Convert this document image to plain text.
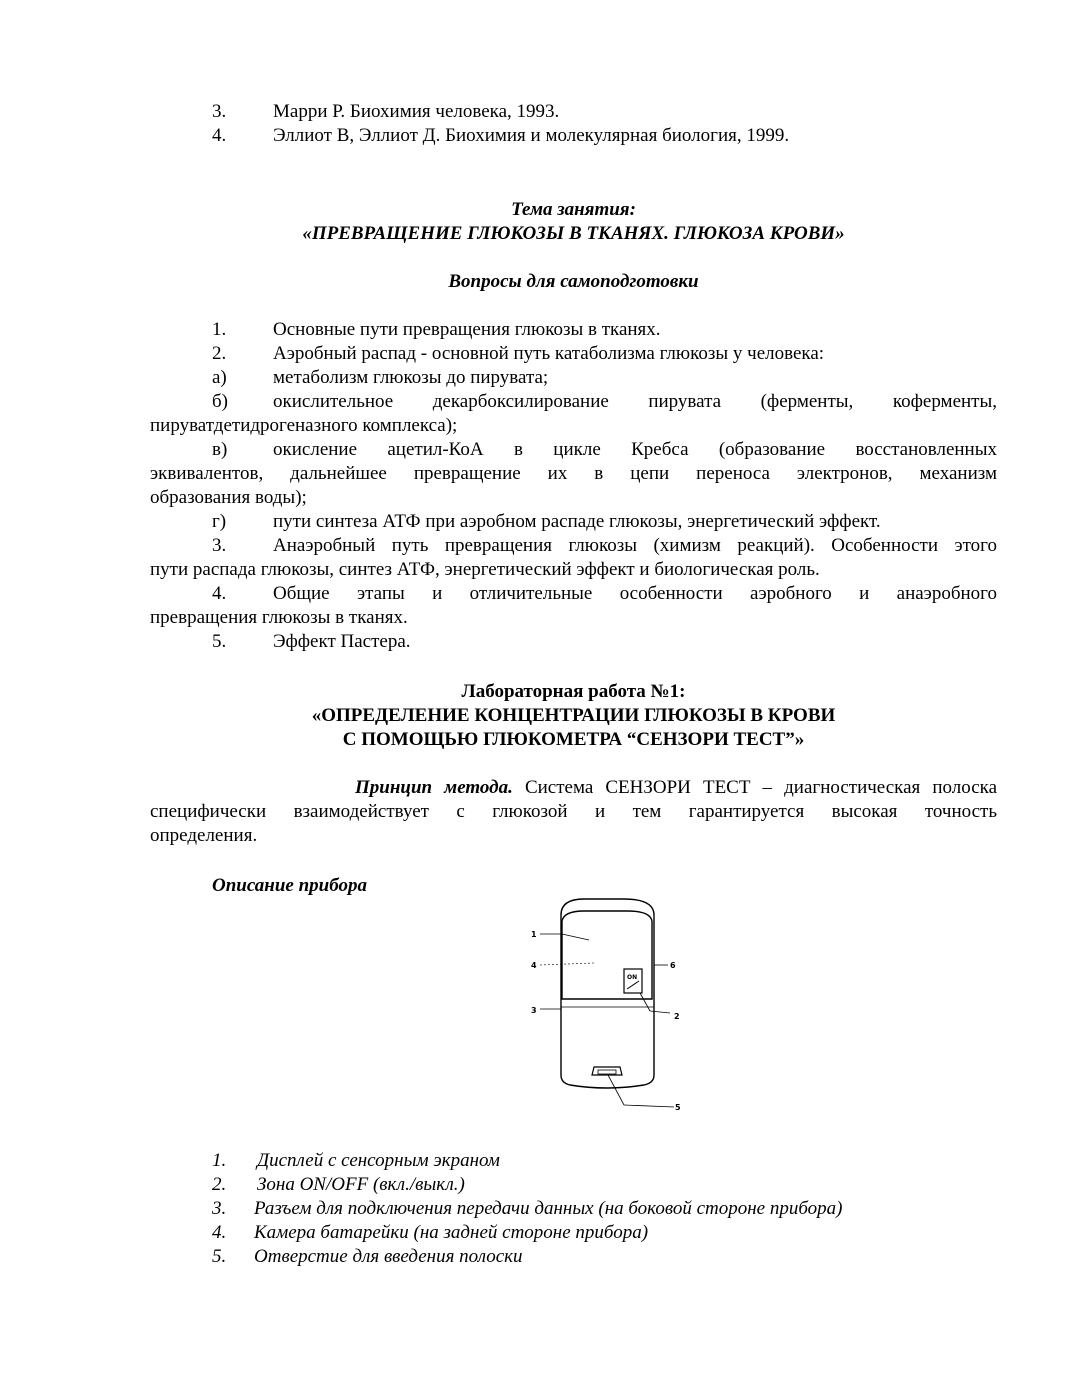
3. Марри Р. Биохимия человека, 1993.
4. Эллиот В, Эллиот Д. Биохимия и молекулярная биология, 1999.
Тема занятия:
«ПРЕВРАЩЕНИЕ ГЛЮКОЗЫ В ТКАНЯХ. ГЛЮКОЗА КРОВИ»
Вопросы для самоподготовки
1. Основные пути превращения глюкозы в тканях.
2. Аэробный распад - основной путь катаболизма глюкозы у человека:
а) метаболизм глюкозы до пирувата;
б) окислительное декарбоксилирование пирувата (ферменты, коферменты,
пируватдетидрогеназного комплекса);
в) окисление ацетил-КоА в цикле Кребса (образование восстановленных
эквивалентов, дальнейшее превращение их в цепи переноса электронов, механизм
образования воды);
г) пути синтеза АТФ при аэробном распаде глюкозы, энергетический эффект.
3. Анаэробный путь превращения глюкозы (химизм реакций). Особенности этого
пути распада глюкозы, синтез АТФ, энергетический эффект и биологическая роль.
4. Общие этапы и отличительные особенности аэробного и анаэробного
превращения глюкозы в тканях.
5. Эффект Пастера.
Лабораторная работа №1:
«ОПРЕДЕЛЕНИЕ КОНЦЕНТРАЦИИ ГЛЮКОЗЫ В КРОВИ
С ПОМОЩЬЮ ГЛЮКОМЕТРА “СЕНЗОРИ ТЕСТ”»
Принцип метода. Система СЕНЗОРИ ТЕСТ – диагностическая полоска
специфически взаимодействует с глюкозой и тем гарантируется высокая точность
определения.
Описание прибора
1. Дисплей с сенсорным экраном
2. Зона ON/OFF (вкл./выкл.)
3. Разъем для подключения передачи данных (на боковой стороне прибора)
4. Камера батарейки (на задней стороне прибора)
5. Отверстие для введения полоски
ON
1
2
3
4
5
6
